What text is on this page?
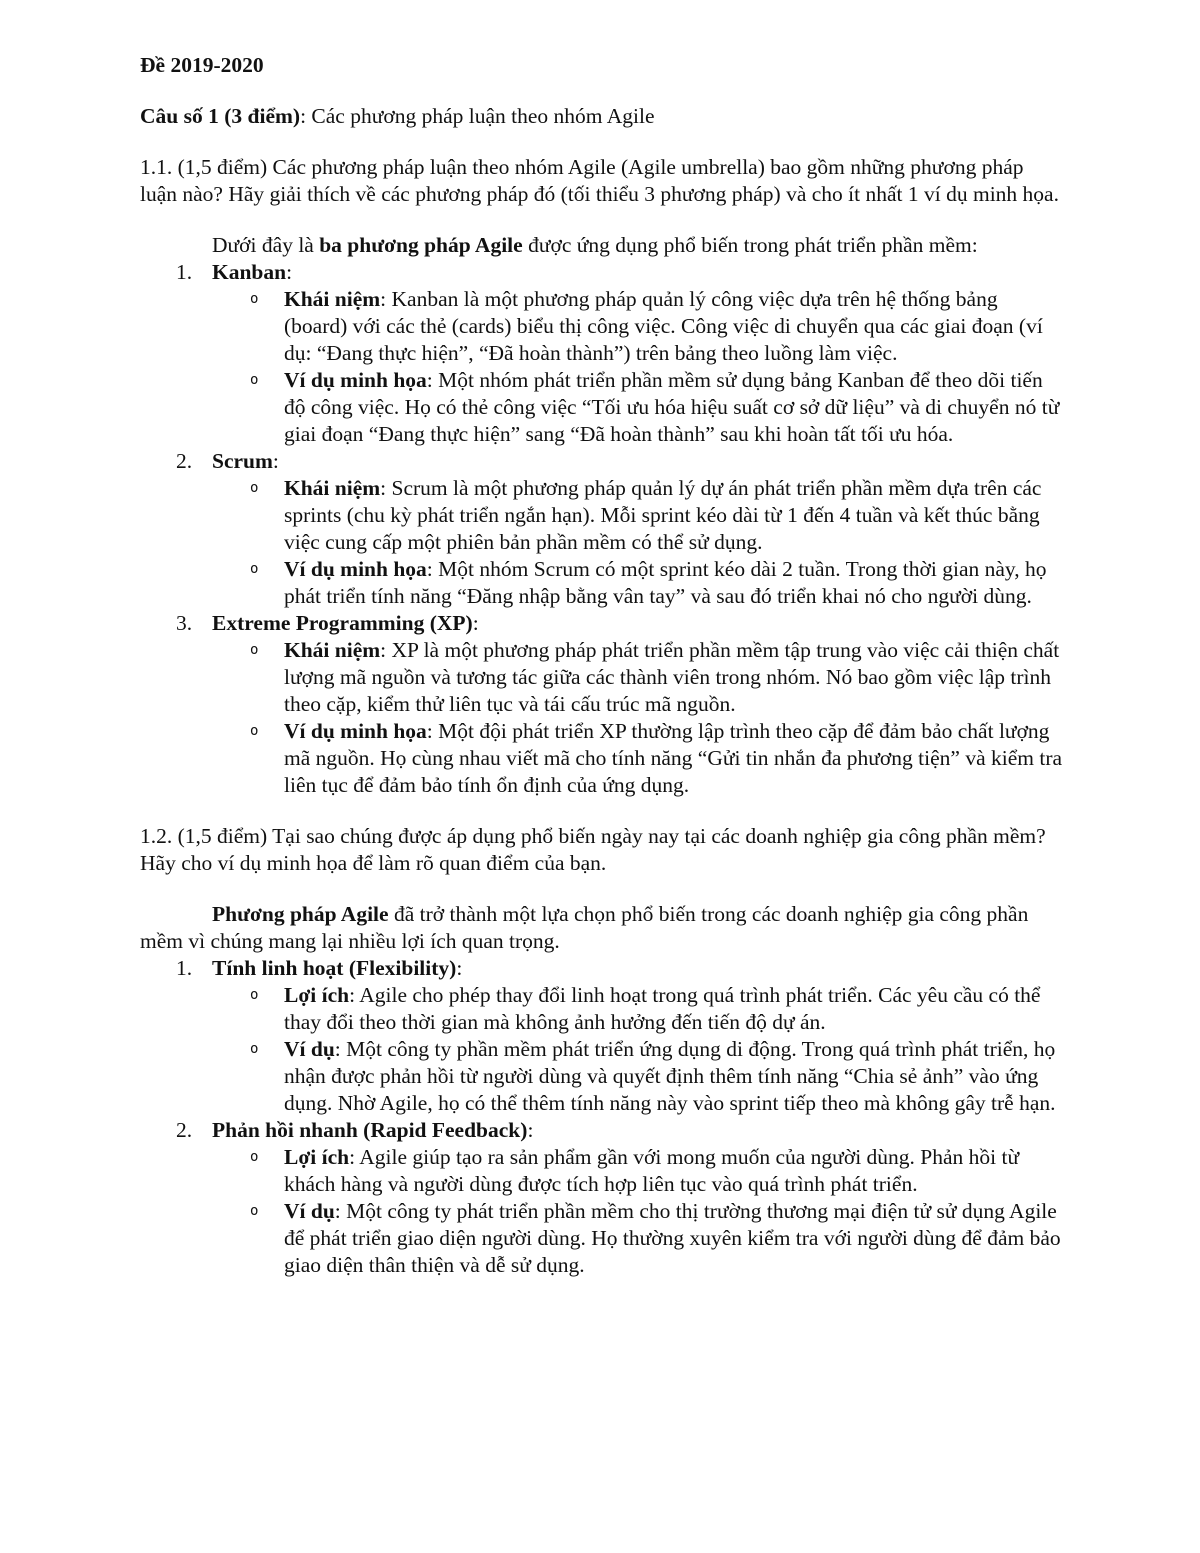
Đề 2019-2020

Câu số 1 (3 điểm): Các phương pháp luận theo nhóm Agile

1.1. (1,5 điểm) Các phương pháp luận theo nhóm Agile (Agile umbrella) bao gồm những phương pháp luận nào? Hãy giải thích về các phương pháp đó (tối thiểu 3 phương pháp) và cho ít nhất 1 ví dụ minh họa.

Dưới đây là ba phương pháp Agile được ứng dụng phổ biến trong phát triển phần mềm:

1. Kanban:
o Khái niệm: Kanban là một phương pháp quản lý công việc dựa trên hệ thống bảng (board) với các thẻ (cards) biểu thị công việc. Công việc di chuyển qua các giai đoạn (ví dụ: “Đang thực hiện”, “Đã hoàn thành”) trên bảng theo luồng làm việc.
o Ví dụ minh họa: Một nhóm phát triển phần mềm sử dụng bảng Kanban để theo dõi tiến độ công việc. Họ có thẻ công việc “Tối ưu hóa hiệu suất cơ sở dữ liệu” và di chuyển nó từ giai đoạn “Đang thực hiện” sang “Đã hoàn thành” sau khi hoàn tất tối ưu hóa.
2. Scrum:
o Khái niệm: Scrum là một phương pháp quản lý dự án phát triển phần mềm dựa trên các sprints (chu kỳ phát triển ngắn hạn). Mỗi sprint kéo dài từ 1 đến 4 tuần và kết thúc bằng việc cung cấp một phiên bản phần mềm có thể sử dụng.
o Ví dụ minh họa: Một nhóm Scrum có một sprint kéo dài 2 tuần. Trong thời gian này, họ phát triển tính năng “Đăng nhập bằng vân tay” và sau đó triển khai nó cho người dùng.
3. Extreme Programming (XP):
o Khái niệm: XP là một phương pháp phát triển phần mềm tập trung vào việc cải thiện chất lượng mã nguồn và tương tác giữa các thành viên trong nhóm. Nó bao gồm việc lập trình theo cặp, kiểm thử liên tục và tái cấu trúc mã nguồn.
o Ví dụ minh họa: Một đội phát triển XP thường lập trình theo cặp để đảm bảo chất lượng mã nguồn. Họ cùng nhau viết mã cho tính năng “Gửi tin nhắn đa phương tiện” và kiểm tra liên tục để đảm bảo tính ổn định của ứng dụng.

1.2. (1,5 điểm) Tại sao chúng được áp dụng phổ biến ngày nay tại các doanh nghiệp gia công phần mềm? Hãy cho ví dụ minh họa để làm rõ quan điểm của bạn.

Phương pháp Agile đã trở thành một lựa chọn phổ biến trong các doanh nghiệp gia công phần mềm vì chúng mang lại nhiều lợi ích quan trọng.

1. Tính linh hoạt (Flexibility):
o Lợi ích: Agile cho phép thay đổi linh hoạt trong quá trình phát triển. Các yêu cầu có thể thay đổi theo thời gian mà không ảnh hưởng đến tiến độ dự án.
o Ví dụ: Một công ty phần mềm phát triển ứng dụng di động. Trong quá trình phát triển, họ nhận được phản hồi từ người dùng và quyết định thêm tính năng “Chia sẻ ảnh” vào ứng dụng. Nhờ Agile, họ có thể thêm tính năng này vào sprint tiếp theo mà không gây trễ hạn.
2. Phản hồi nhanh (Rapid Feedback):
o Lợi ích: Agile giúp tạo ra sản phẩm gần với mong muốn của người dùng. Phản hồi từ khách hàng và người dùng được tích hợp liên tục vào quá trình phát triển.
o Ví dụ: Một công ty phát triển phần mềm cho thị trường thương mại điện tử sử dụng Agile để phát triển giao diện người dùng. Họ thường xuyên kiểm tra với người dùng để đảm bảo giao diện thân thiện và dễ sử dụng.
